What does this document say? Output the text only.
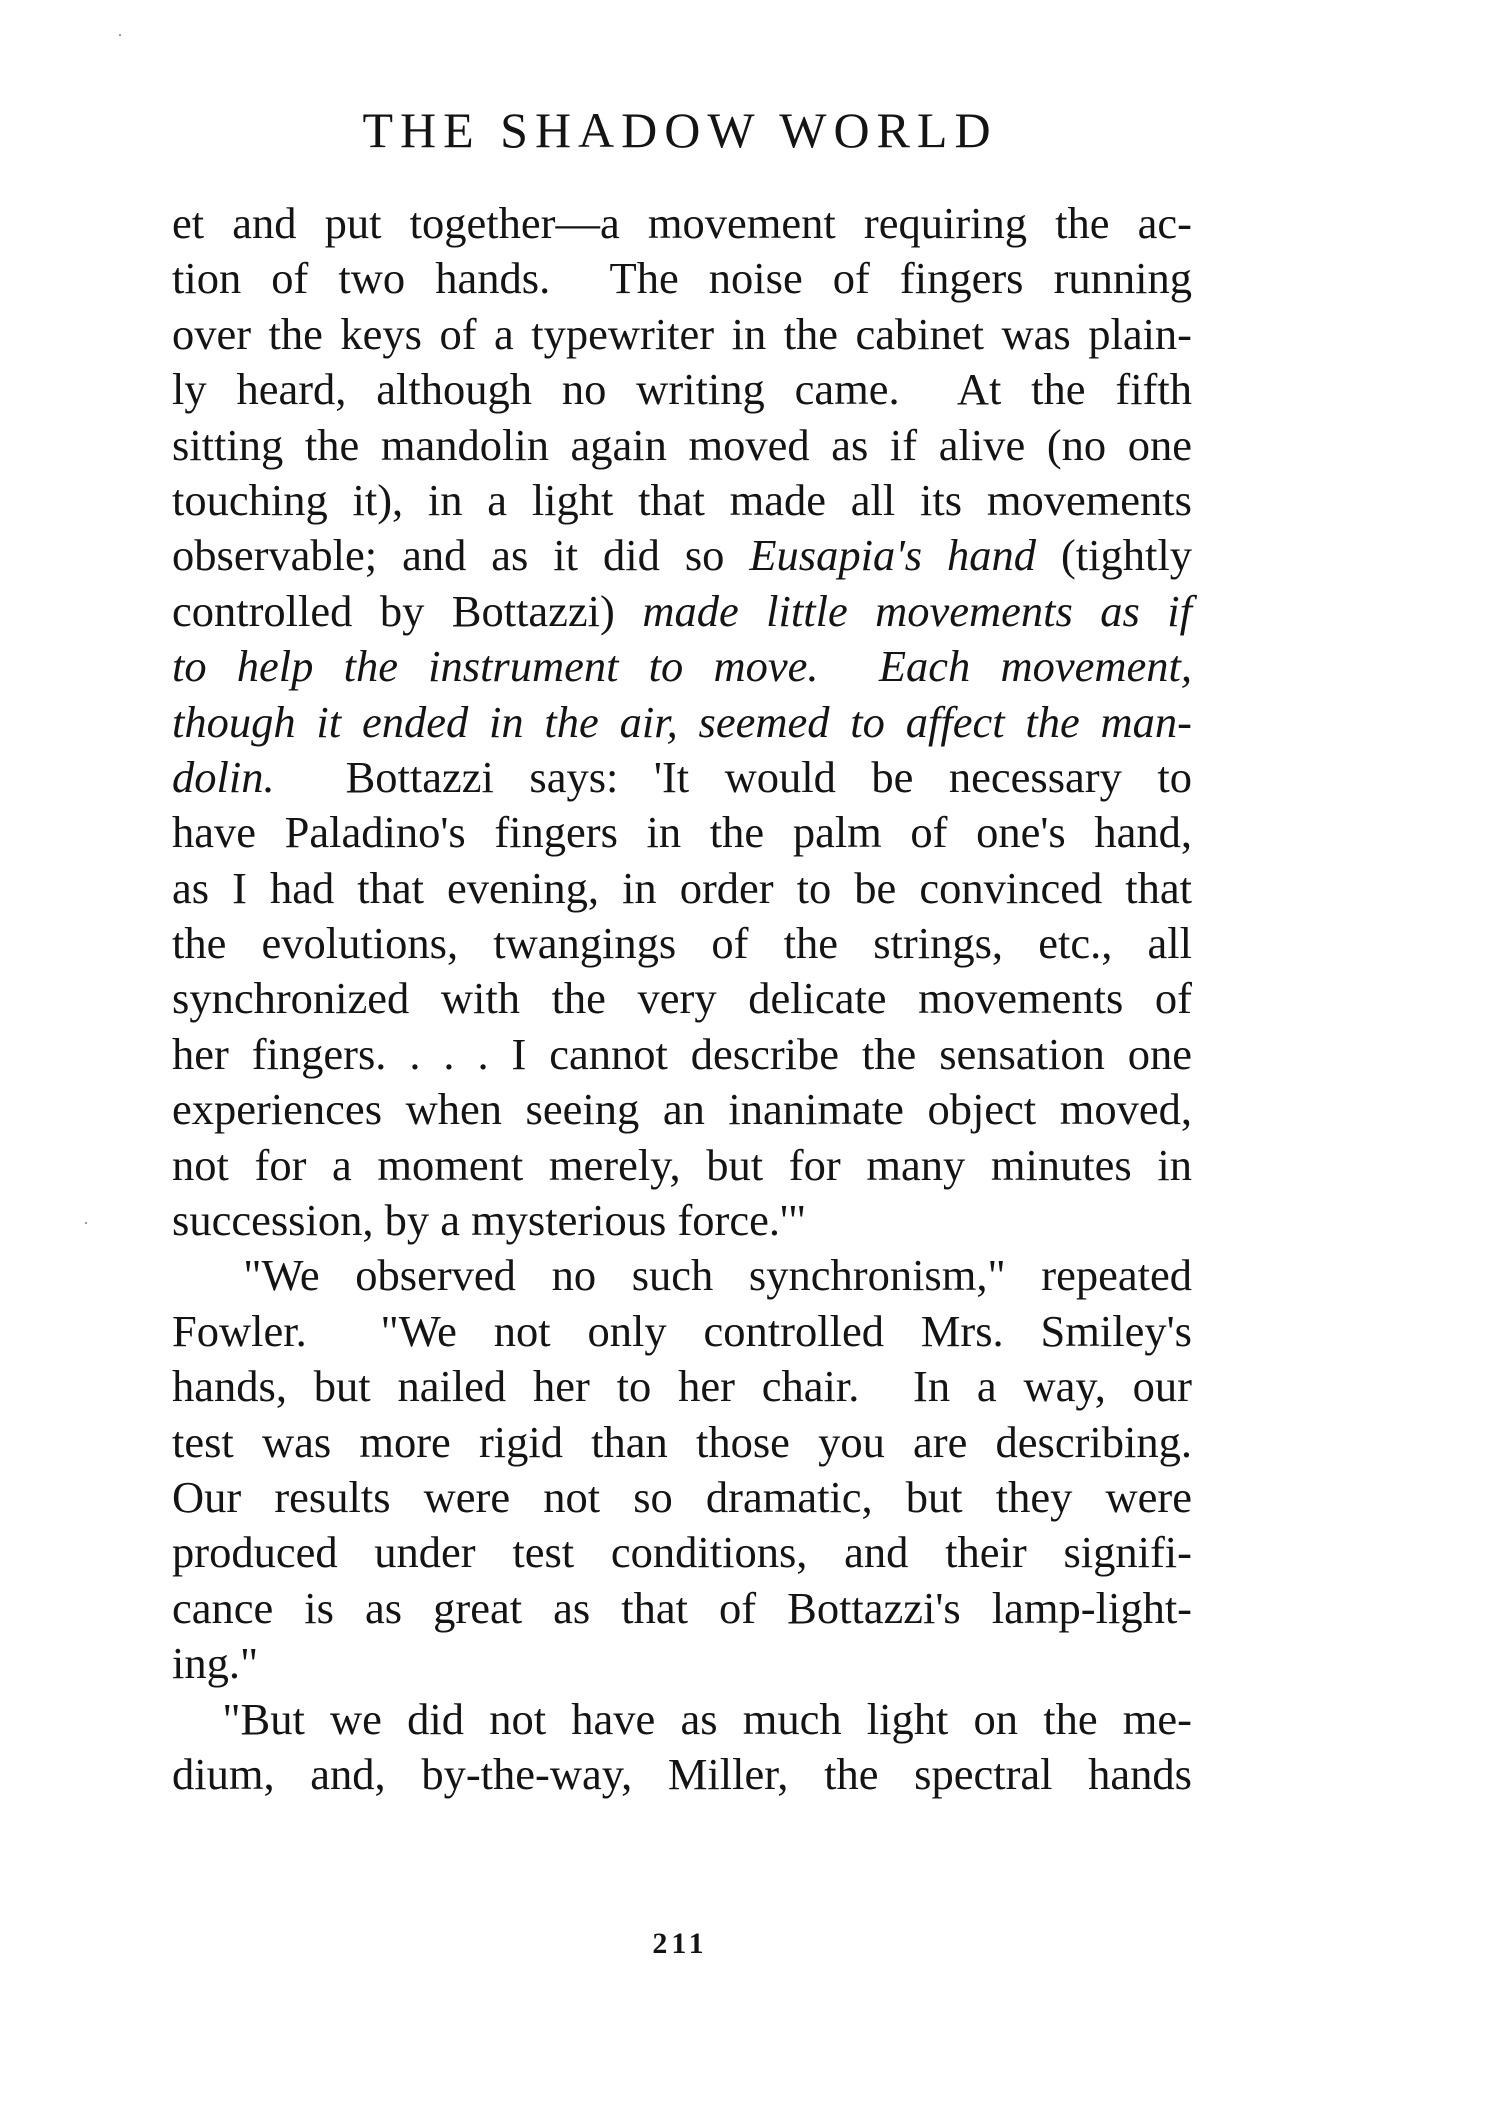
THE SHADOW WORLD
et and put together—a movement requiring the ac-
tion of two hands.  The noise of fingers running
over the keys of a typewriter in the cabinet was plain-
ly heard, although no writing came.  At the fifth
sitting the mandolin again moved as if alive (no one
touching it), in a light that made all its movements
observable; and as it did so Eusapia's hand (tightly
controlled by Bottazzi) made little movements as if
to help the instrument to move.  Each movement,
though it ended in the air, seemed to affect the man-
dolin.  Bottazzi says: 'It would be necessary to
have Paladino's fingers in the palm of one's hand,
as I had that evening, in order to be convinced that
the evolutions, twangings of the strings, etc., all
synchronized with the very delicate movements of
her fingers. . . . I cannot describe the sensation one
experiences when seeing an inanimate object moved,
not for a moment merely, but for many minutes in
succession, by a mysterious force.'"
"We observed no such synchronism," repeated
Fowler.  "We not only controlled Mrs. Smiley's
hands, but nailed her to her chair.  In a way, our
test was more rigid than those you are describing.
Our results were not so dramatic, but they were
produced under test conditions, and their signifi-
cance is as great as that of Bottazzi's lamp-light-
ing."
"But we did not have as much light on the me-
dium, and, by-the-way, Miller, the spectral hands
211
